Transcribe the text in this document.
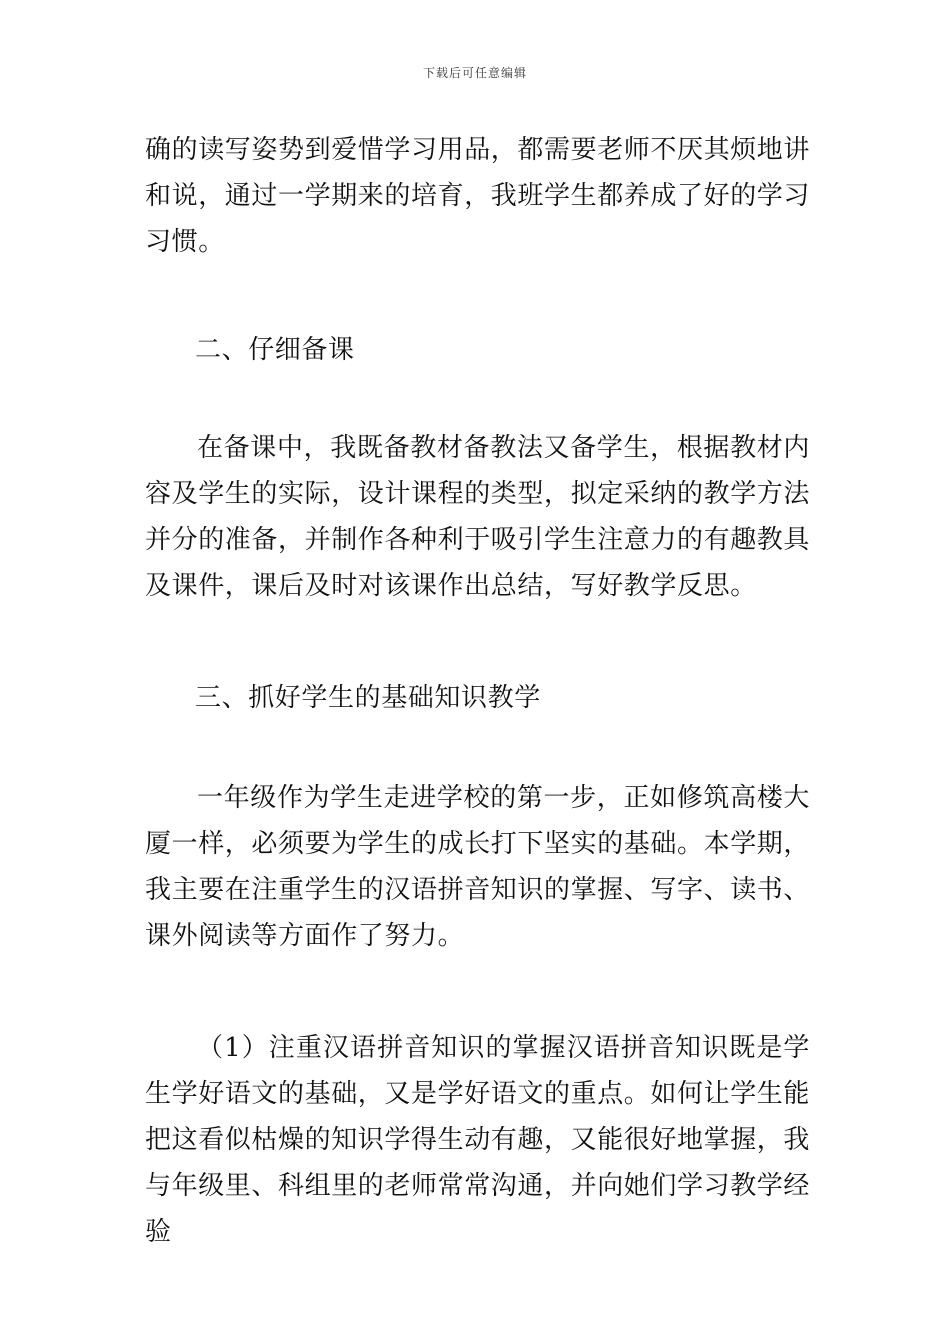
下载后可任意编辑

确的读写姿势到爱惜学习用品，都需要老师不厌其烦地讲和说，通过一学期来的培育，我班学生都养成了好的学习习惯。

二、仔细备课

在备课中，我既备教材备教法又备学生，根据教材内容及学生的实际，设计课程的类型，拟定采纳的教学方法并分的准备，并制作各种利于吸引学生注意力的有趣教具及课件，课后及时对该课作出总结，写好教学反思。

三、抓好学生的基础知识教学

一年级作为学生走进学校的第一步，正如修筑高楼大厦一样，必须要为学生的成长打下坚实的基础。本学期，我主要在注重学生的汉语拼音知识的掌握、写字、读书、课外阅读等方面作了努力。

（1）注重汉语拼音知识的掌握汉语拼音知识既是学生学好语文的基础，又是学好语文的重点。如何让学生能把这看似枯燥的知识学得生动有趣，又能很好地掌握，我与年级里、科组里的老师常常沟通，并向她们学习教学经验
